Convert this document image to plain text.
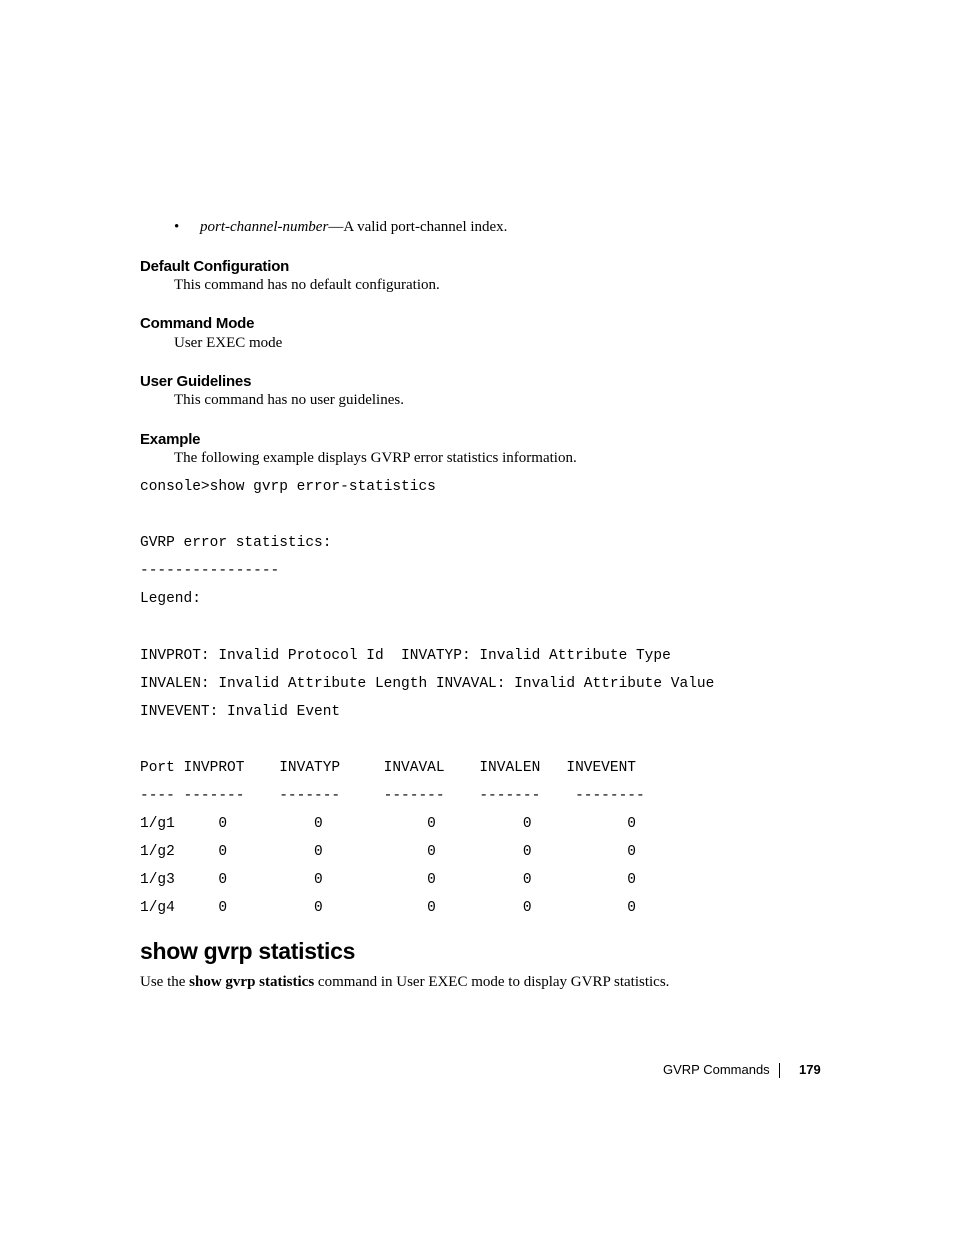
• port-channel-number—A valid port-channel index.
Default Configuration
This command has no default configuration.
Command Mode
User EXEC mode
User Guidelines
This command has no user guidelines.
Example
The following example displays GVRP error statistics information.
console>show gvrp error-statistics
GVRP error statistics:
----------------
Legend:
INVPROT: Invalid Protocol Id  INVATYP: Invalid Attribute Type
INVALEN: Invalid Attribute Length INVAVAL: Invalid Attribute Value
INVEVENT: Invalid Event
Port INVPROT    INVATYP     INVAVAL    INVALEN   INVEVENT
---- -------    -------     -------    -------    --------
1/g1     0          0            0          0           0
1/g2     0          0            0          0           0
1/g3     0          0            0          0           0
1/g4     0          0            0          0           0
show gvrp statistics
Use the show gvrp statistics command in User EXEC mode to display GVRP statistics.
GVRP Commands 179
